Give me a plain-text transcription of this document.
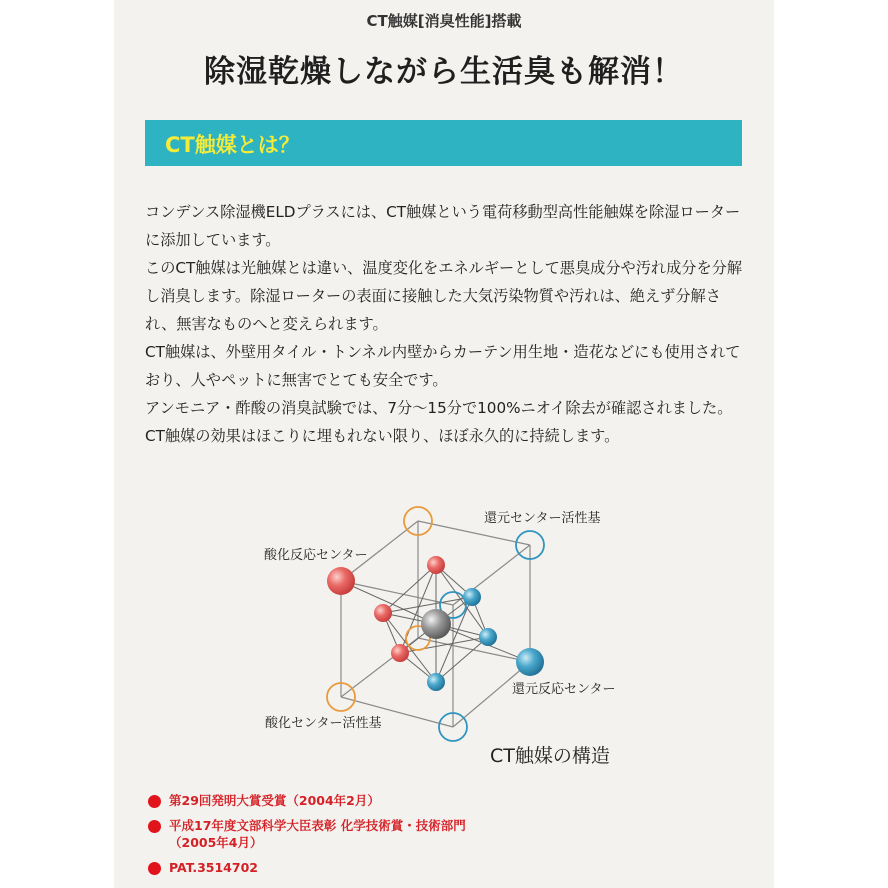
CT触媒[消臭性能]搭載
除湿乾燥しながら生活臭も解消！
CT触媒とは？

コンデンス除湿機ELDプラスには、CT触媒という電荷移動型高性能触媒を除湿ローターに添加しています。

このCT触媒は光触媒とは違い、温度変化をエネルギーとして悪臭成分や汚れ成分を分解し消臭します。除湿ローターの表面に接触した大気汚染物質や汚れは、絶えず分解され、無害なものへと変えられます。

CT触媒は、外壁用タイル・トンネル内壁からカーテン用生地・造花などにも使用されており、人やペットに無害でとても安全です。

アンモニア・酢酸の消臭試験では、7分〜15分で100%ニオイ除去が確認されました。CT触媒の効果はほこりに埋もれない限り、ほぼ永久的に持続します。

還元センター活性基
酸化反応センター
還元反応センター
酸化センター活性基
CT触媒の構造
第29回発明大賞受賞（2004年2月）
平成17年度文部科学大臣表彰 化学技術賞・技術部門
（2005年4月）
PAT.3514702
